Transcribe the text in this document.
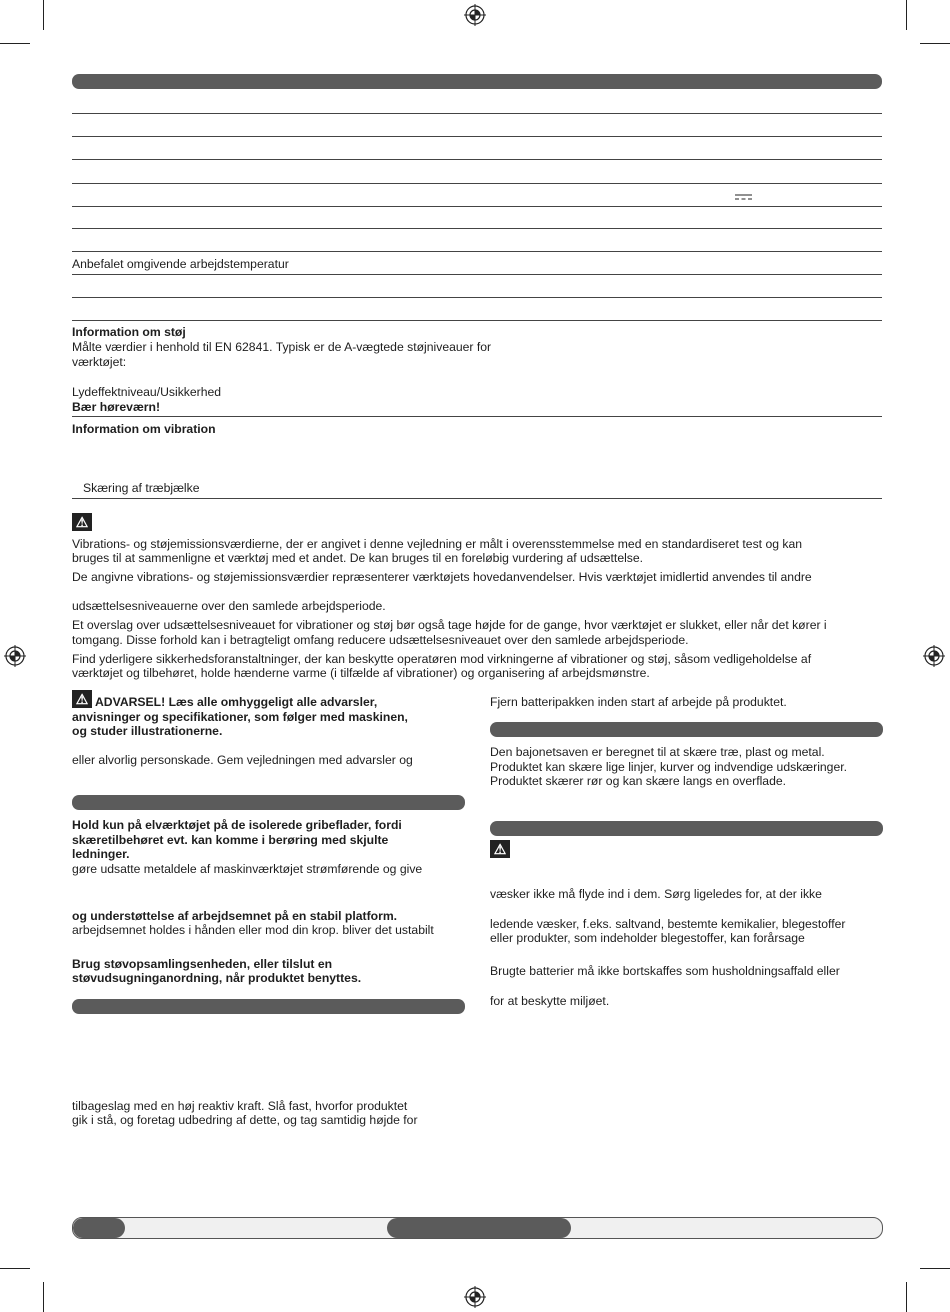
Anbefalet omgivende arbejdstemperatur
Information om støj
Målte værdier i henhold til EN 62841. Typisk er de A-vægtede støjniveauer for
værktøjet:
Lydeffektniveau/Usikkerhed
Bær høreværn!
Information om vibration
Skæring af træbjælke
⚠
Vibrations- og støjemissionsværdierne, der er angivet i denne vejledning er målt i overensstemmelse med en standardiseret test og kan
bruges til at sammenligne et værktøj med et andet. De kan bruges til en foreløbig vurdering af udsættelse.
De angivne vibrations- og støjemissionsværdier repræsenterer værktøjets hovedanvendelser. Hvis værktøjet imidlertid anvendes til andre
udsættelsesniveauerne over den samlede arbejdsperiode.
Et overslag over udsættelsesniveauet for vibrationer og støj bør også tage højde for de gange, hvor værktøjet er slukket, eller når det kører i
tomgang. Disse forhold kan i betragteligt omfang reducere udsættelsesniveauet over den samlede arbejdsperiode.
Find yderligere sikkerhedsforanstaltninger, der kan beskytte operatøren mod virkningerne af vibrationer og støj, såsom vedligeholdelse af
værktøjet og tilbehøret, holde hænderne varme (i tilfælde af vibrationer) og organisering af arbejdsmønstre.
⚠ ADVARSEL! Læs alle omhyggeligt alle advarsler,
anvisninger og specifikationer, som følger med maskinen,
og studer illustrationerne.
eller alvorlig personskade. Gem vejledningen med advarsler og
Hold kun på elværktøjet på de isolerede gribeflader, fordi
skæretilbehøret evt. kan komme i berøring med skjulte
ledninger.
gøre udsatte metaldele af maskinværktøjet strømførende og give
og understøttelse af arbejdsemnet på en stabil platform.
arbejdsemnet holdes i hånden eller mod din krop. bliver det ustabilt
Brug støvopsamlingsenheden, eller tilslut en
støvudsugninganordning, når produktet benyttes.
tilbageslag med en høj reaktiv kraft. Slå fast, hvorfor produktet
gik i stå, og foretag udbedring af dette, og tag samtidig højde for
Fjern batteripakken inden start af arbejde på produktet.
Den bajonetsaven er beregnet til at skære træ, plast og metal.
Produktet kan skære lige linjer, kurver og indvendige udskæringer.
Produktet skærer rør og kan skære langs en overflade.
⚠
væsker ikke må flyde ind i dem. Sørg ligeledes for, at der ikke
ledende væsker, f.eks. saltvand, bestemte kemikalier, blegestoffer
eller produkter, som indeholder blegestoffer, kan forårsage
Brugte batterier må ikke bortskaffes som husholdningsaffald eller
for at beskytte miljøet.
